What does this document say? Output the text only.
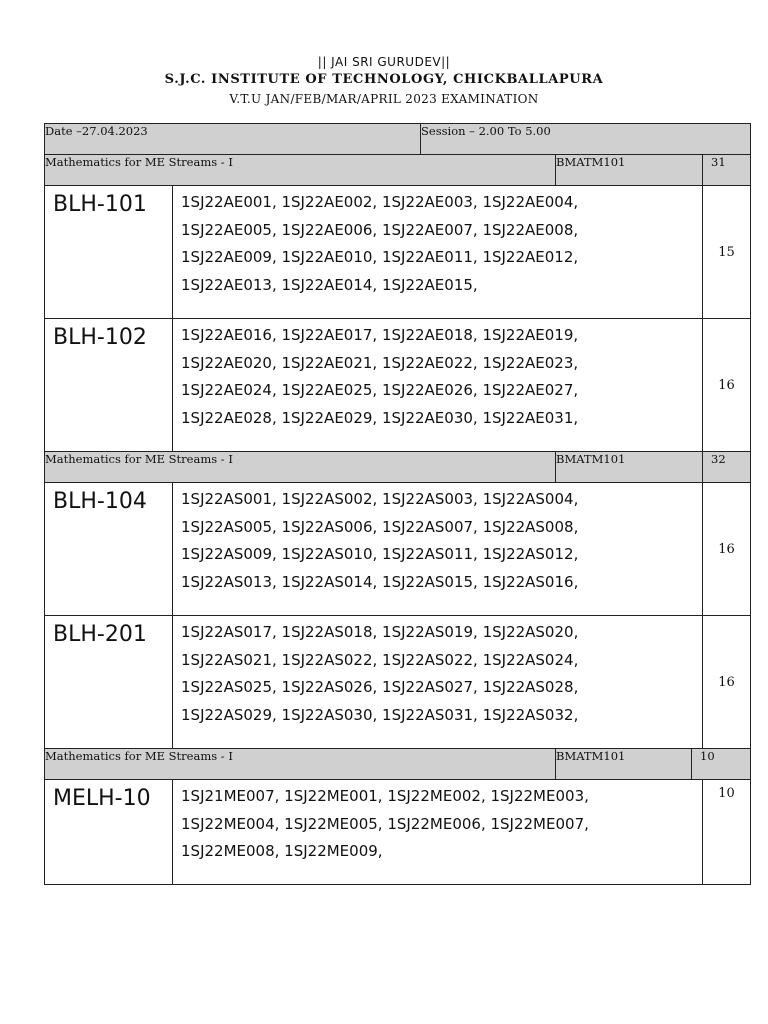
|| JAI SRI GURUDEV||
S.J.C. INSTITUTE OF TECHNOLOGY, CHICKBALLAPURA
V.T.U JAN/FEB/MAR/APRIL 2023 EXAMINATION
Date –27.04.2023		Session – 2.00 To 5.00			
Mathematics for ME Streams - I			BMATM101		31
BLH-101	1SJ22AE001, 1SJ22AE002, 1SJ22AE003, 1SJ22AE004,
1SJ22AE005, 1SJ22AE006, 1SJ22AE007, 1SJ22AE008,
1SJ22AE009, 1SJ22AE010, 1SJ22AE011, 1SJ22AE012,
1SJ22AE013, 1SJ22AE014, 1SJ22AE015,				15
BLH-102	1SJ22AE016, 1SJ22AE017, 1SJ22AE018, 1SJ22AE019,
1SJ22AE020, 1SJ22AE021, 1SJ22AE022, 1SJ22AE023,
1SJ22AE024, 1SJ22AE025, 1SJ22AE026, 1SJ22AE027,
1SJ22AE028, 1SJ22AE029, 1SJ22AE030, 1SJ22AE031,				16
Mathematics for ME Streams - I			BMATM101		32
BLH-104	1SJ22AS001, 1SJ22AS002, 1SJ22AS003, 1SJ22AS004,
1SJ22AS005, 1SJ22AS006, 1SJ22AS007, 1SJ22AS008,
1SJ22AS009, 1SJ22AS010, 1SJ22AS011, 1SJ22AS012,
1SJ22AS013, 1SJ22AS014, 1SJ22AS015, 1SJ22AS016,				16
BLH-201	1SJ22AS017, 1SJ22AS018, 1SJ22AS019, 1SJ22AS020,
1SJ22AS021, 1SJ22AS022, 1SJ22AS022, 1SJ22AS024,
1SJ22AS025, 1SJ22AS026, 1SJ22AS027, 1SJ22AS028,
1SJ22AS029, 1SJ22AS030, 1SJ22AS031, 1SJ22AS032,				16
Mathematics for ME Streams - I			BMATM101	10	
MELH-10	1SJ21ME007, 1SJ22ME001, 1SJ22ME002, 1SJ22ME003,
1SJ22ME004, 1SJ22ME005, 1SJ22ME006, 1SJ22ME007,
1SJ22ME008, 1SJ22ME009,				10
